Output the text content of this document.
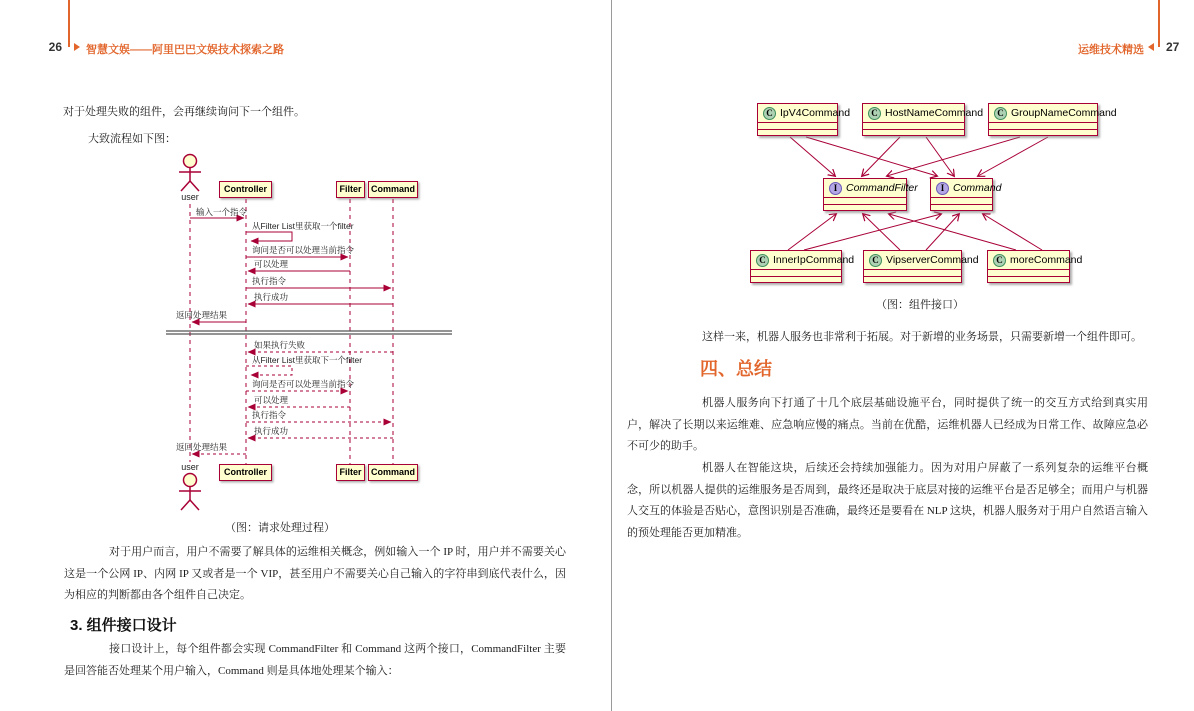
26 智慧文娱——阿里巴巴文娱技术探索之路	运维技术精选 27
对于处理失败的组件，会再继续询问下一个组件。
大致流程如下图：
Controller	Filter	Command
Controller	Filter	Command
user
user
输入一个指令
从Filter List里获取一个filter
询问是否可以处理当前指令
可以处理
执行指令
执行成功
返回处理结果
如果执行失败
从Filter List里获取下一个filter
询问是否可以处理当前指令
可以处理
执行指令
执行成功
返回处理结果
（图：请求处理过程）

对于用户而言，用户不需要了解具体的运维相关概念，例如输入一个 IP 时，用户并不需要关心这是一个公网 IP、内网 IP 又或者是一个 VIP，甚至用户不需要关心自己输入的字符串到底代表什么，因为相应的判断都由各个组件自己决定。

3. 组件接口设计

接口设计上，每个组件都会实现 CommandFilter 和 Command 这两个接口，CommandFilter 主要是回答能否处理某个用户输入，Command 则是具体地处理某个输入：

C IpV4Command	C HostNameCommand	C GroupNameCommand
I CommandFilter	I Command
C InnerIpCommand	C VipserverCommand	C moreCommand
（图：组件接口）

这样一来，机器人服务也非常利于拓展。对于新增的业务场景，只需要新增一个组件即可。

四、总结

机器人服务向下打通了十几个底层基础设施平台，同时提供了统一的交互方式给到真实用户，解决了长期以来运维难、应急响应慢的痛点。当前在优酷，运维机器人已经成为日常工作、故障应急必不可少的助手。

机器人在智能这块，后续还会持续加强能力。因为对用户屏蔽了一系列复杂的运维平台概念，所以机器人提供的运维服务是否周到，最终还是取决于底层对接的运维平台是否足够全；而用户与机器人交互的体验是否贴心，意图识别是否准确，最终还是要看在 NLP 这块，机器人服务对于用户自然语言输入的预处理能否更加精准。
